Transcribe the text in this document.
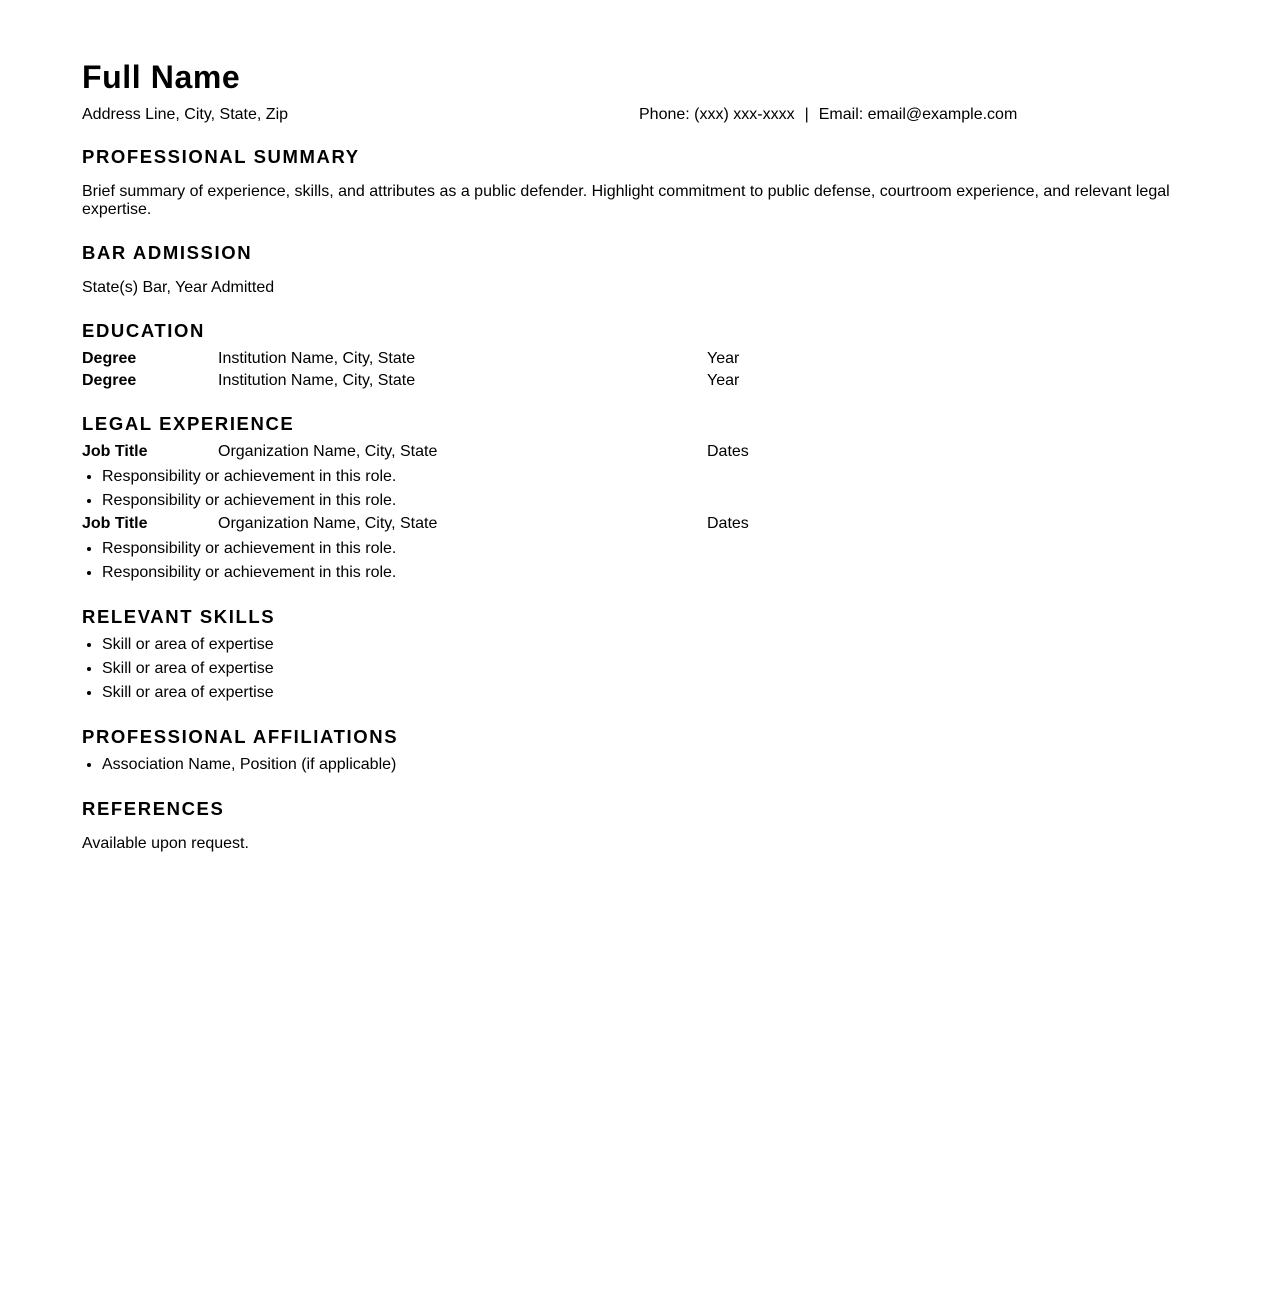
Full Name
Address Line, City, State, Zip	Phone: (xxx) xxx-xxxx | Email: email@example.com
PROFESSIONAL SUMMARY

Brief summary of experience, skills, and attributes as a public defender. Highlight commitment to public defense, courtroom experience, and relevant legal expertise.

BAR ADMISSION

State(s) Bar, Year Admitted

EDUCATION
Degree	Institution Name, City, State	Year
Degree	Institution Name, City, State	Year
LEGAL EXPERIENCE
Job Title	Organization Name, City, State	Dates
• Responsibility or achievement in this role.
• Responsibility or achievement in this role.
Job Title	Organization Name, City, State	Dates
• Responsibility or achievement in this role.
• Responsibility or achievement in this role.
RELEVANT SKILLS
• Skill or area of expertise
• Skill or area of expertise
• Skill or area of expertise
PROFESSIONAL AFFILIATIONS
• Association Name, Position (if applicable)
REFERENCES

Available upon request.
